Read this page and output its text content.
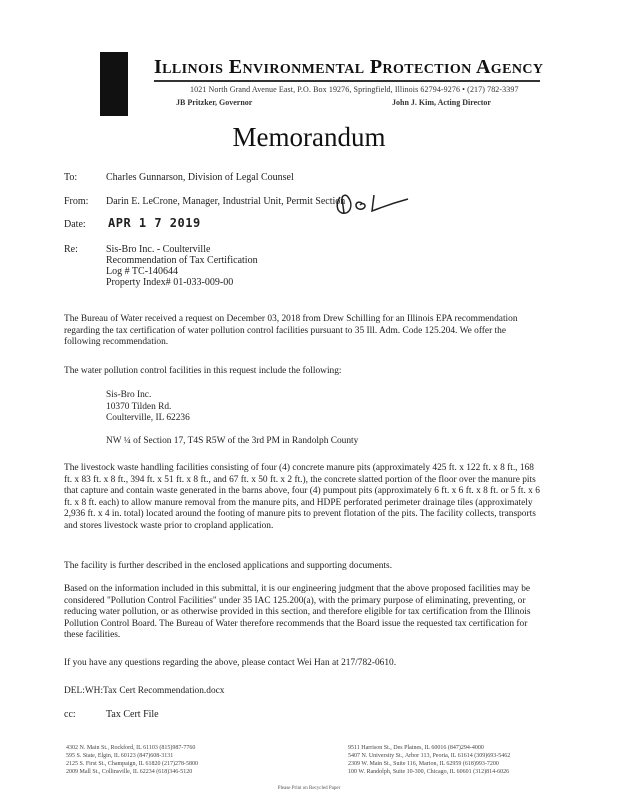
Illinois Environmental Protection Agency
1021 North Grand Avenue East, P.O. Box 19276, Springfield, Illinois 62794-9276 • (217) 782-3397
JB Pritzker, Governor	John J. Kim, Acting Director
Memorandum
To:	Charles Gunnarson, Division of Legal Counsel
From: Darin E. LeCrone, Manager, Industrial Unit, Permit Section
Date: APR 1 7 2019
Re:	Sis-Bro Inc. - Coulterville
Recommendation of Tax Certification
Log # TC-140644
Property Index# 01-033-009-00
The Bureau of Water received a request on December 03, 2018 from Drew Schilling for an Illinois EPA recommendation regarding the tax certification of water pollution control facilities pursuant to 35 Ill. Adm. Code 125.204. We offer the following recommendation.
The water pollution control facilities in this request include the following:
Sis-Bro Inc.
10370 Tilden Rd.
Coulterville, IL 62236
NW ¼ of Section 17, T4S R5W of the 3rd PM in Randolph County
The livestock waste handling facilities consisting of four (4) concrete manure pits (approximately 425 ft. x 122 ft. x 8 ft., 168 ft. x 83 ft. x 8 ft., 394 ft. x 51 ft. x 8 ft., and 67 ft. x 50 ft. x 2 ft.), the concrete slatted portion of the floor over the manure pits that capture and contain waste generated in the barns above, four (4) pumpout pits (approximately 6 ft. x 6 ft. x 8 ft. or 5 ft. x 6 ft. x 8 ft. each) to allow manure removal from the manure pits, and HDPE perforated perimeter drainage tiles (approximately 2,936 ft. x 4 in. total) located around the footing of manure pits to prevent flotation of the pits. The facility collects, transports and stores livestock waste prior to cropland application.
The facility is further described in the enclosed applications and supporting documents.
Based on the information included in this submittal, it is our engineering judgment that the above proposed facilities may be considered "Pollution Control Facilities" under 35 IAC 125.200(a), with the primary purpose of eliminating, preventing, or reducing water pollution, or as otherwise provided in this section, and therefore eligible for tax certification from the Illinois Pollution Control Board. The Bureau of Water therefore recommends that the Board issue the requested tax certification for these facilities.
If you have any questions regarding the above, please contact Wei Han at 217/782-0610.
DEL:WH:Tax Cert Recommendation.docx
cc:	Tax Cert File
4302 N. Main St., Rockford, IL 61103 (815)987-7760
595 S. State, Elgin, IL 60123 (847)608-3131
2125 S. First St., Champaign, IL 61820 (217)278-5800
2009 Mall St., Collinsville, IL 62234 (618)346-5120
9511 Harrison St., Des Plaines, IL 60016 (847)294-4000
5407 N. University St., Arbor 113, Peoria, IL 61614 (309)693-5462
2309 W. Main St., Suite 116, Marion, IL 62959 (618)993-7200
100 W. Randolph, Suite 10-300, Chicago, IL 60601 (312)814-6026
Please Print on Recycled Paper
